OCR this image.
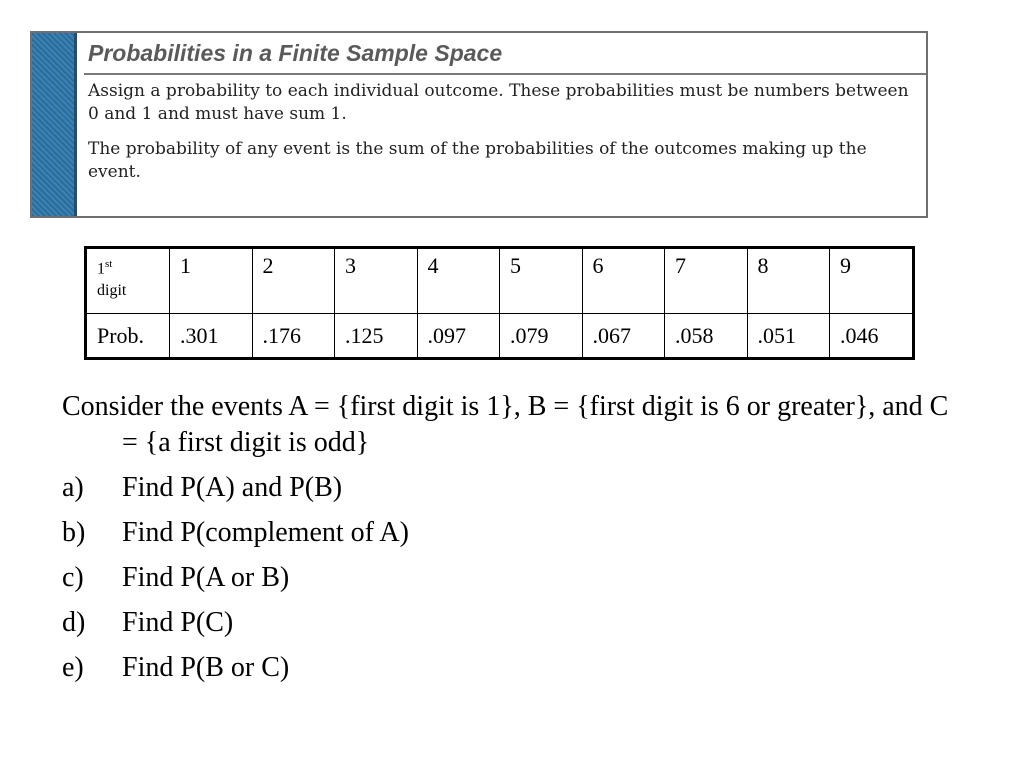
Probabilities in a Finite Sample Space

Assign a probability to each individual outcome. These probabilities must be numbers between 0 and 1 and must have sum 1.

The probability of any event is the sum of the probabilities of the outcomes making up the event.

1st
digit	1	2	3	4	5	6	7	8	9
Prob.	.301	.176	.125	.097	.079	.067	.058	.051	.046

Consider the events A = {first digit is 1}, B = {first digit is 6 or greater}, and C = {a first digit is odd}

a) Find P(A) and P(B)
b) Find P(complement of A)
c) Find P(A or B)
d) Find P(C)
e) Find P(B or C)
